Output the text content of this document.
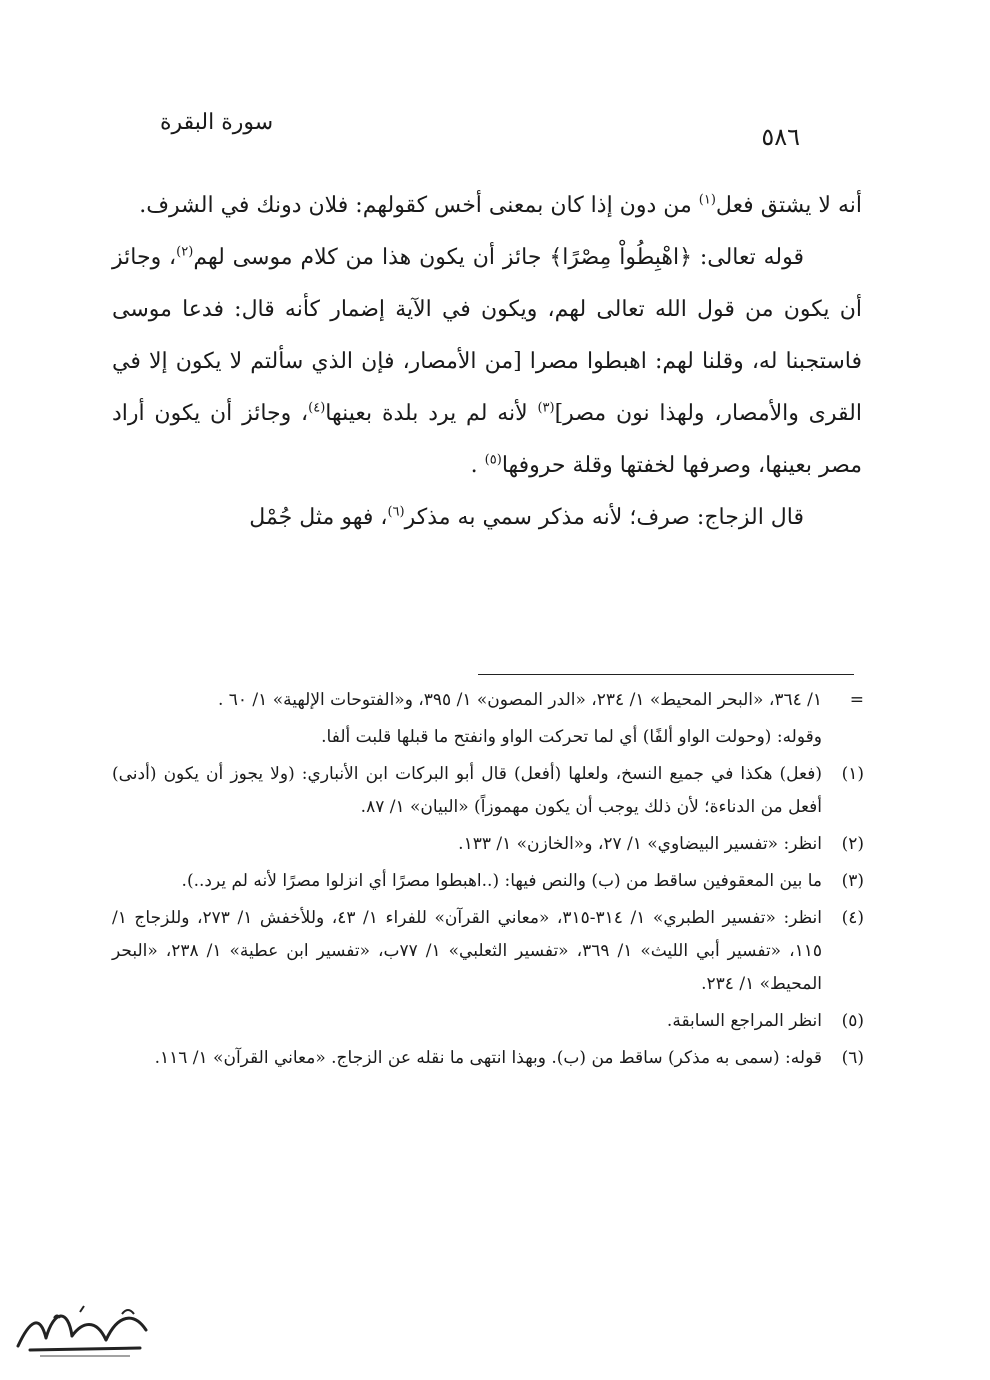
سورة البقرة
٥٨٦

أنه لا يشتق فعل$^{(١)}$ من دون إذا كان بمعنى أخس كقولهم: فلان دونك في الشرف.

قوله تعالى: ﴿اهْبِطُواْ مِصْرًا﴾ جائز أن يكون هذا من كلام موسى لهم$^{(٢)}$، وجائز أن يكون من قول الله تعالى لهم، ويكون في الآية إضمار كأنه قال: فدعا موسى فاستجبنا له، وقلنا لهم: اهبطوا مصرا [من الأمصار، فإن الذي سألتم لا يكون إلا في القرى والأمصار، ولهذا نون مصر]$^{(٣)}$ لأنه لم يرد بلدة بعينها$^{(٤)}$، وجائز أن يكون أراد مصر بعينها، وصرفها لخفتها وقلة حروفها$^{(٥)}$ .

قال الزجاج: صرف؛ لأنه مذكر سمي به مذكر$^{(٦)}$، فهو مثل جُمْل

=
١/ ٣٦٤، «البحر المحيط» ١/ ٢٣٤، «الدر المصون» ١/ ٣٩٥، و«الفتوحات الإلهية» ١/ ٦٠ .
وقوله: (وحولت الواو ألفًا) أي لما تحركت الواو وانفتح ما قبلها قلبت ألفا.
(١)
(فعل) هكذا في جميع النسخ، ولعلها (أفعل) قال أبو البركات ابن الأنباري: (ولا يجوز أن يكون (أدنى) أفعل من الدناءة؛ لأن ذلك يوجب أن يكون مهموزاً) «البيان» ١/ ٨٧.
(٢)
انظر: «تفسير البيضاوي» ١/ ٢٧، و«الخازن» ١/ ١٣٣.
(٣)
ما بين المعقوفين ساقط من (ب) والنص فيها: (..اهبطوا مصرًا أي انزلوا مصرًا لأنه لم يرد..).
(٤)
انظر: «تفسير الطبري» ١/ ٣١٤-٣١٥، «معاني القرآن» للفراء ١/ ٤٣، وللأخفش ١/ ٢٧٣، وللزجاج ١/ ١١٥، «تفسير أبي الليث» ١/ ٣٦٩، «تفسير الثعلبي» ١/ ٧٧ب، «تفسير ابن عطية» ١/ ٢٣٨، «البحر المحيط» ١/ ٢٣٤.
(٥)
انظر المراجع السابقة.
(٦)
قوله: (سمى به مذكر) ساقط من (ب). وبهذا انتهى ما نقله عن الزجاج. «معاني القرآن» ١/ ١١٦.
